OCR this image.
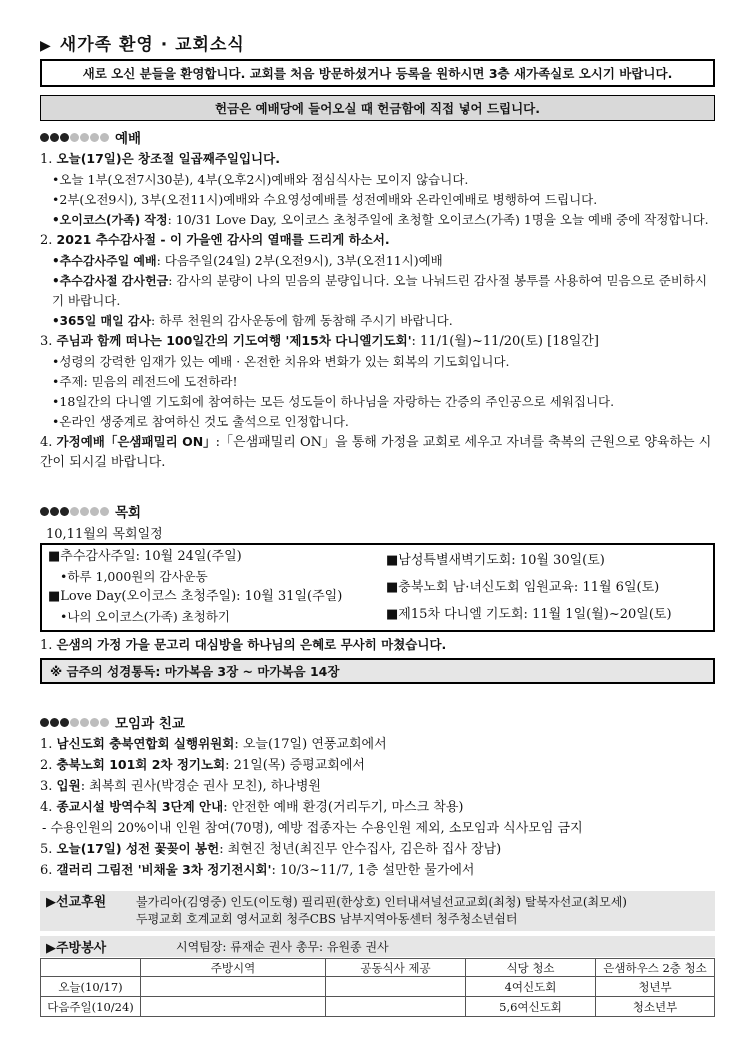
▶ 새가족 환영 · 교회소식
새로 오신 분들을 환영합니다. 교회를 처음 방문하셨거나 등록을 원하시면 3층 새가족실로 오시기 바랍니다.
헌금은 예배당에 들어오실 때 헌금함에 직접 넣어 드립니다.
예배
1. 오늘(17일)은 창조절 일곱째주일입니다.
•오늘 1부(오전7시30분), 4부(오후2시)예배와 점심식사는 모이지 않습니다.
•2부(오전9시), 3부(오전11시)예배와 수요영성예배를 성전예배와 온라인예배로 병행하여 드립니다.
•오이코스(가족) 작정: 10/31 Love Day, 오이코스 초청주일에 초청할 오이코스(가족) 1명을 오늘 예배 중에 작정합니다.
2. 2021 추수감사절 - 이 가을엔 감사의 열매를 드리게 하소서.
•추수감사주일 예배: 다음주일(24일) 2부(오전9시), 3부(오전11시)예배
•추수감사절 감사헌금: 감사의 분량이 나의 믿음의 분량입니다. 오늘 나눠드린 감사절 봉투를 사용하여 믿음으로 준비하시기 바랍니다.
•365일 매일 감사: 하루 천원의 감사운동에 함께 동참해 주시기 바랍니다.
3. 주님과 함께 떠나는 100일간의 기도여행 '제15차 다니엘기도회': 11/1(월)~11/20(토) [18일간]
•성령의 강력한 임재가 있는 예배 · 온전한 치유와 변화가 있는 회복의 기도회입니다.
•주제: 믿음의 레전드에 도전하라!
•18일간의 다니엘 기도회에 참여하는 모든 성도들이 하나님을 자랑하는 간증의 주인공으로 세워집니다.
•온라인 생중계로 참여하신 것도 출석으로 인정합니다.
4. 가정예배「은샘패밀리 ON」:「은샘패밀리 ON」을 통해 가정을 교회로 세우고 자녀를 축복의 근원으로 양육하는 시간이 되시길 바랍니다.
목회
10,11월의 목회일정
■추수감사주일: 10월 24일(주일)
•하루 1,000원의 감사운동
■Love Day(오이코스 초청주일): 10월 31일(주일)
•나의 오이코스(가족) 초청하기
■남성특별새벽기도회: 10월 30일(토)
■충북노회 남·녀신도회 임원교육: 11월 6일(토)
■제15차 다니엘 기도회: 11월 1일(월)~20일(토)
1. 은샘의 가정 가을 문고리 대심방을 하나님의 은혜로 무사히 마쳤습니다.
※ 금주의 성경통독: 마가복음 3장 ~ 마가복음 14장
모임과 친교
1. 남신도회 충북연합회 실행위원회: 오늘(17일) 연풍교회에서
2. 충북노회 101회 2차 정기노회: 21일(목) 증평교회에서
3. 입원: 최복희 권사(박경순 권사 모친), 하나병원
4. 종교시설 방역수칙 3단계 안내: 안전한 예배 환경(거리두기, 마스크 착용)
- 수용인원의 20%이내 인원 참여(70명), 예방 접종자는 수용인원 제외, 소모임과 식사모임 금지
5. 오늘(17일) 성전 꽃꽂이 봉헌: 최현진 청년(최진무 안수집사, 김은하 집사 장남)
6. 갤러리 그림전 '비채울 3차 정기전시회': 10/3~11/7, 1층 설만한 물가에서
▶선교후원	불가리아(김영중) 인도(이도형) 필리핀(한상호) 인터내셔널선교교회(최청) 탈북자선교(최모세)
두평교회 호계교회 영서교회 청주CBS 남부지역아동센터 청주청소년쉼터
▶주방봉사	시역팀장: 류재순 권사 총무: 유원종 권사
	주방시역	공동식사 제공	식당 청소	은샘하우스 2층 청소
오늘(10/17)			4여신도회	청년부
다음주일(10/24)			5,6여신도회	청소년부
